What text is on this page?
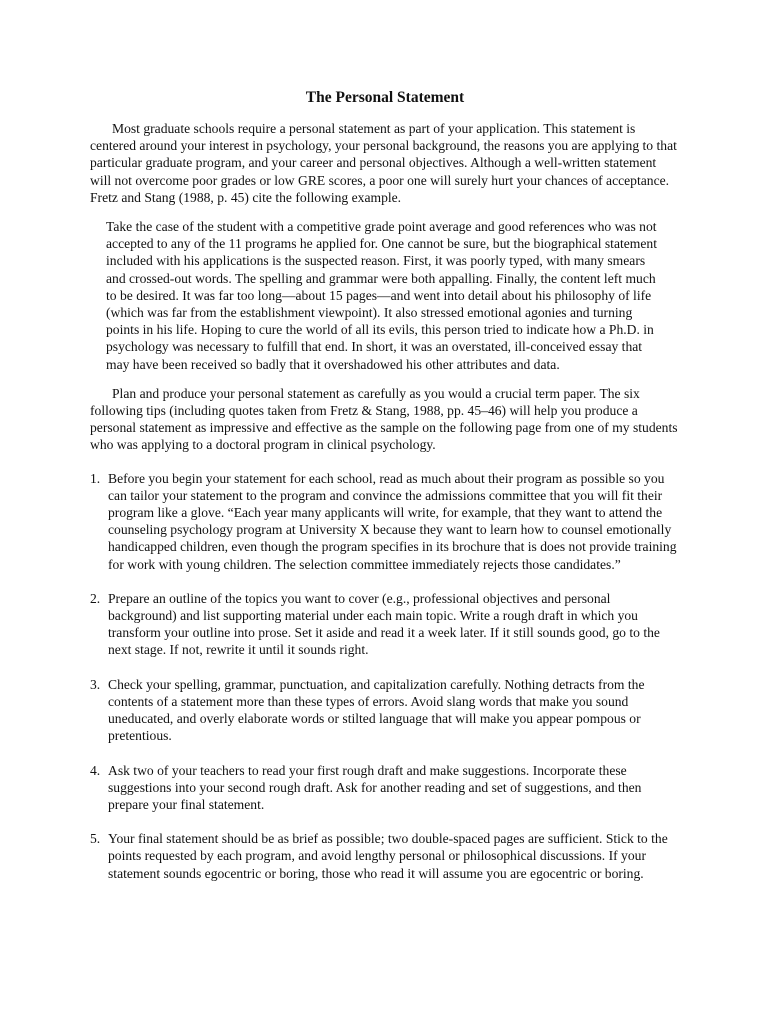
The Personal Statement

Most graduate schools require a personal statement as part of your application. This statement is centered around your interest in psychology, your personal background, the reasons you are applying to that particular graduate program, and your career and personal objectives. Although a well-written statement will not overcome poor grades or low GRE scores, a poor one will surely hurt your chances of acceptance. Fretz and Stang (1988, p. 45) cite the following example.

Take the case of the student with a competitive grade point average and good references who was not accepted to any of the 11 programs he applied for. One cannot be sure, but the biographical statement included with his applications is the suspected reason. First, it was poorly typed, with many smears and crossed-out words. The spelling and grammar were both appalling. Finally, the content left much to be desired. It was far too long—about 15 pages—and went into detail about his philosophy of life (which was far from the establishment viewpoint). It also stressed emotional agonies and turning points in his life. Hoping to cure the world of all its evils, this person tried to indicate how a Ph.D. in psychology was necessary to fulfill that end. In short, it was an overstated, ill-conceived essay that may have been received so badly that it overshadowed his other attributes and data.

Plan and produce your personal statement as carefully as you would a crucial term paper. The six following tips (including quotes taken from Fretz & Stang, 1988, pp. 45–46) will help you produce a personal statement as impressive and effective as the sample on the following page from one of my students who was applying to a doctoral program in clinical psychology.

1. Before you begin your statement for each school, read as much about their program as possible so you can tailor your statement to the program and convince the admissions committee that you will fit their program like a glove. “Each year many applicants will write, for example, that they want to attend the counseling psychology program at University X because they want to learn how to counsel emotionally handicapped children, even though the program specifies in its brochure that is does not provide training for work with young children. The selection committee immediately rejects those candidates.”
2. Prepare an outline of the topics you want to cover (e.g., professional objectives and personal background) and list supporting material under each main topic. Write a rough draft in which you transform your outline into prose. Set it aside and read it a week later. If it still sounds good, go to the next stage. If not, rewrite it until it sounds right.
3. Check your spelling, grammar, punctuation, and capitalization carefully. Nothing detracts from the contents of a statement more than these types of errors. Avoid slang words that make you sound uneducated, and overly elaborate words or stilted language that will make you appear pompous or pretentious.
4. Ask two of your teachers to read your first rough draft and make suggestions. Incorporate these suggestions into your second rough draft. Ask for another reading and set of suggestions, and then prepare your final statement.
5. Your final statement should be as brief as possible; two double-spaced pages are sufficient. Stick to the points requested by each program, and avoid lengthy personal or philosophical discussions. If your statement sounds egocentric or boring, those who read it will assume you are egocentric or boring.
